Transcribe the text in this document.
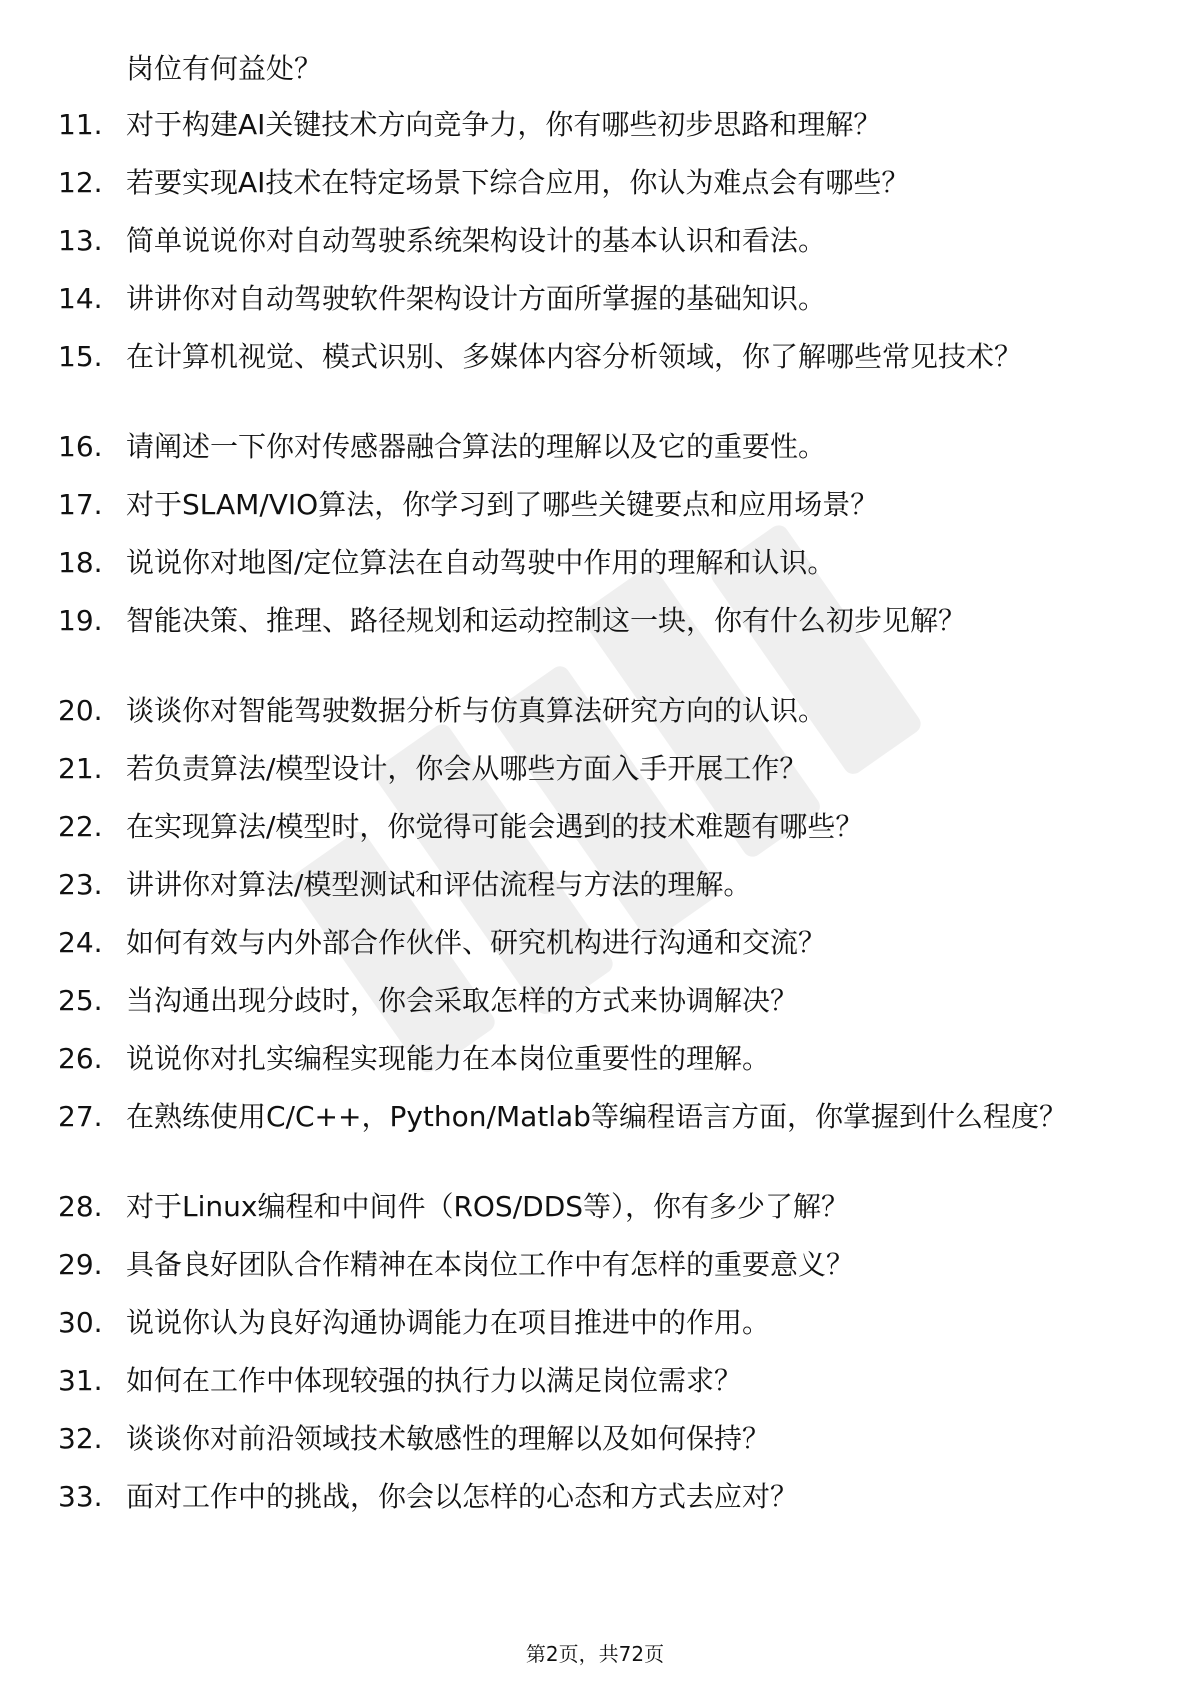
岗位有何益处？
11. 对于构建AI关键技术方向竞争力，你有哪些初步思路和理解？
12. 若要实现AI技术在特定场景下综合应用，你认为难点会有哪些？
13. 简单说说你对自动驾驶系统架构设计的基本认识和看法。
14. 讲讲你对自动驾驶软件架构设计方面所掌握的基础知识。
15. 在计算机视觉、模式识别、多媒体内容分析领域，你了解哪些常见技术？
16. 请阐述一下你对传感器融合算法的理解以及它的重要性。
17. 对于SLAM/VIO算法，你学习到了哪些关键要点和应用场景？
18. 说说你对地图/定位算法在自动驾驶中作用的理解和认识。
19. 智能决策、推理、路径规划和运动控制这一块，你有什么初步见解？
20. 谈谈你对智能驾驶数据分析与仿真算法研究方向的认识。
21. 若负责算法/模型设计，你会从哪些方面入手开展工作？
22. 在实现算法/模型时，你觉得可能会遇到的技术难题有哪些？
23. 讲讲你对算法/模型测试和评估流程与方法的理解。
24. 如何有效与内外部合作伙伴、研究机构进行沟通和交流？
25. 当沟通出现分歧时，你会采取怎样的方式来协调解决？
26. 说说你对扎实编程实现能力在本岗位重要性的理解。
27. 在熟练使用C/C++，Python/Matlab等编程语言方面，你掌握到什么程度？
28. 对于Linux编程和中间件（ROS/DDS等），你有多少了解？
29. 具备良好团队合作精神在本岗位工作中有怎样的重要意义？
30. 说说你认为良好沟通协调能力在项目推进中的作用。
31. 如何在工作中体现较强的执行力以满足岗位需求？
32. 谈谈你对前沿领域技术敏感性的理解以及如何保持？
33. 面对工作中的挑战，你会以怎样的心态和方式去应对？
第2页，共72页
